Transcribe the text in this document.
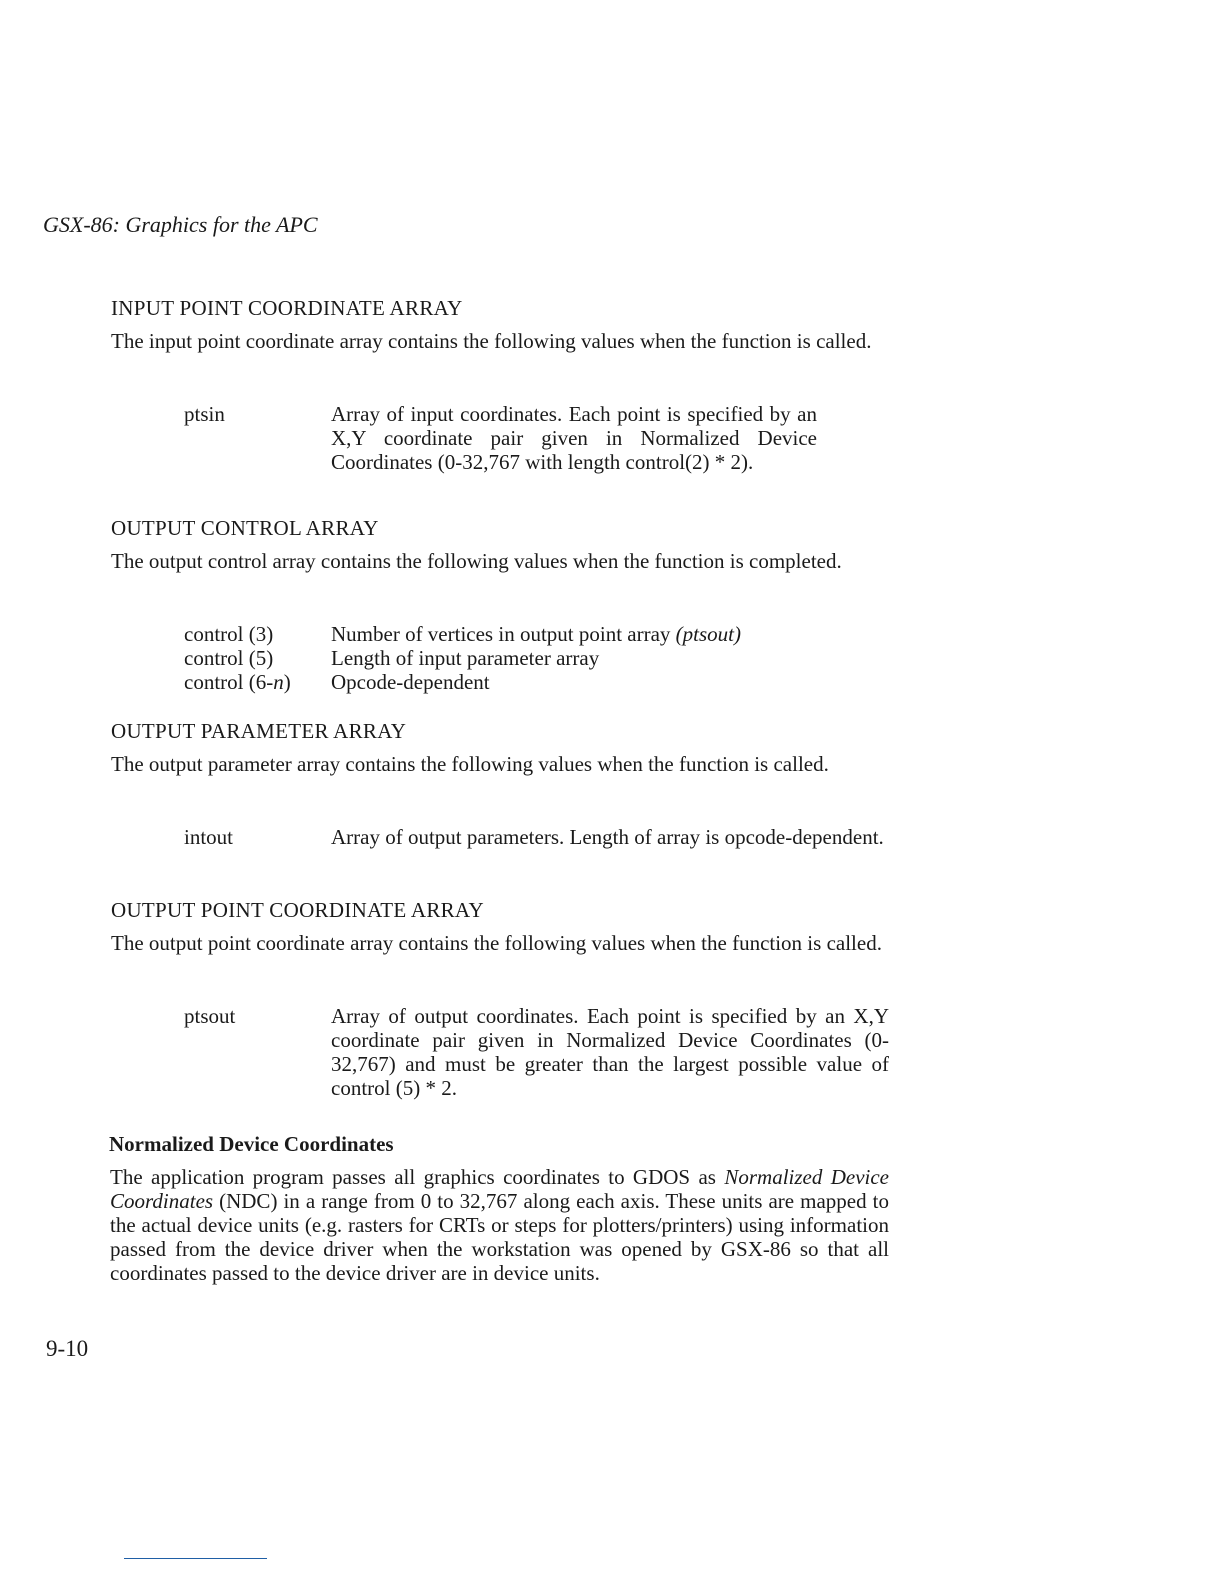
GSX-86: Graphics for the APC

INPUT POINT COORDINATE ARRAY

The input point coordinate array contains the following values when the function is called.

ptsin	Array of input coordinates. Each point is specified by an X,Y coordinate pair given in Normalized Device Coordinates (0-32,767 with length control(2) * 2).
OUTPUT CONTROL ARRAY

The output control array contains the following values when the function is completed.

control (3)	Number of vertices in output point array (ptsout)
control (5)	Length of input parameter array
control (6-n)	Opcode-dependent
OUTPUT PARAMETER ARRAY

The output parameter array contains the following values when the function is called.

intout	Array of output parameters. Length of array is opcode-dependent.
OUTPUT POINT COORDINATE ARRAY

The output point coordinate array contains the following values when the function is called.

ptsout	Array of output coordinates. Each point is specified by an X,Y coordinate pair given in Normalized Device Coordinates (0-32,767) and must be greater than the largest possible value of control (5) * 2.
Normalized Device Coordinates

The application program passes all graphics coordinates to GDOS as Normalized Device Coordinates (NDC) in a range from 0 to 32,767 along each axis. These units are mapped to the actual device units (e.g. rasters for CRTs or steps for plotters/printers) using information passed from the device driver when the workstation was opened by GSX-86 so that all coordinates passed to the device driver are in device units.

9-10
